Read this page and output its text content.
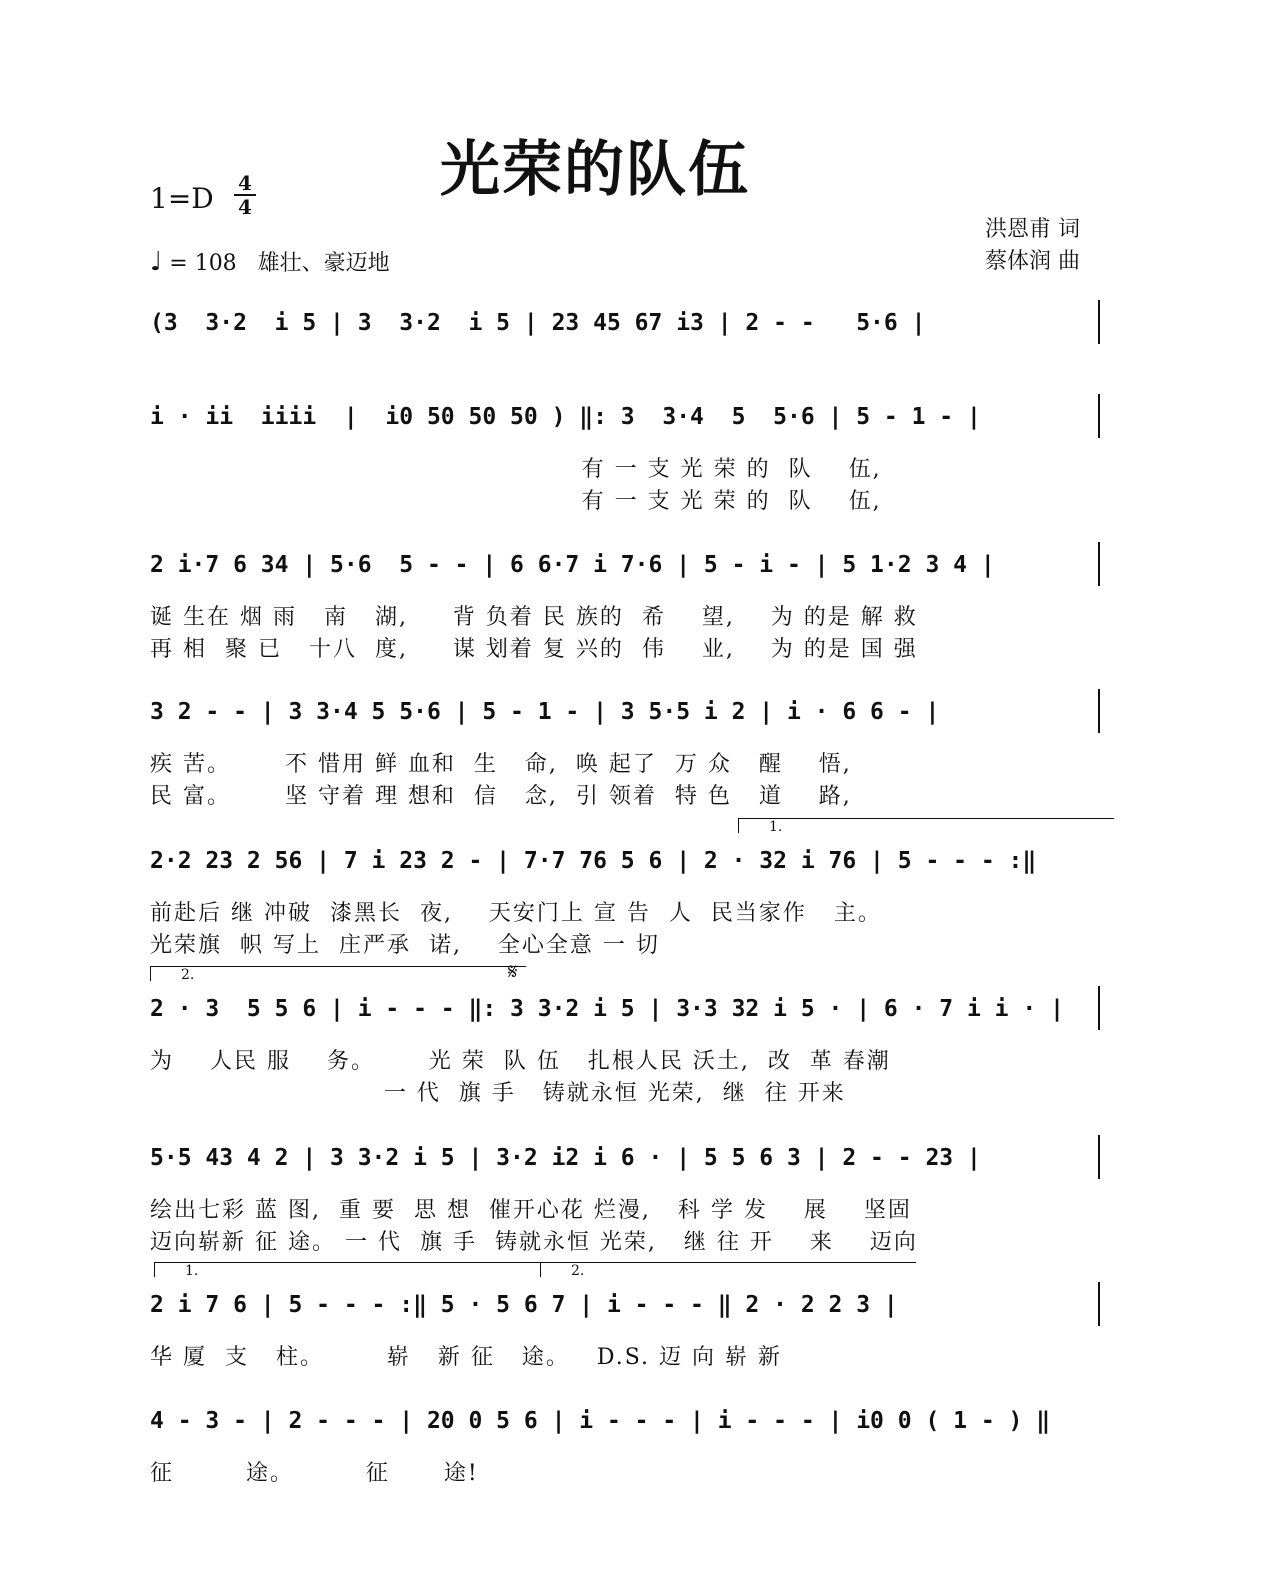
光荣的队伍
1=D	4
4
♩ = 108 雄壮、豪迈地
洪恩甫 词
蔡体润 曲
(3  3·2  i 5 | 3  3·2  i 5 | 23 45 67 i3 | 2 - -   5·6 |
i · ii  iiii  |  i0 50 50 50 ) ‖: 3  3·4  5  5·6 | 5 - 1 - |
有 一 支 光 荣 的  队    伍,
有 一 支 光 荣 的  队    伍,
2 i·7 6 34 | 5·6  5 - - | 6 6·7 i 7·6 | 5 - i - | 5 1·2 3 4 |
诞 生在 烟 雨   南   湖,     背 负着 民 族的  希    望,    为 的是 解 救
再 相  聚 已   十八  度,     谋 划着 复 兴的  伟    业,    为 的是 国 强
3 2 - - | 3 3·4 5 5·6 | 5 - 1 - | 3 5·5 i 2 | i · 6 6 - |
疾 苦。      不 惜用 鲜 血和  生   命,  唤 起了  万 众   醒    悟,
民 富。      坚 守着 理 想和  信   念,  引 领着  特 色   道    路,
1.
2·2 23 2 56 | 7 i 23 2 - | 7·7 76 5 6 | 2 · 32 i 76 | 5 - - - :‖
前赴后 继 冲破  漆黑长  夜,    天安门上 宣 告  人  民当家作   主。
光荣旗  帜 写上  庄严承  诺,    全心全意 一 切
2.	𝄋
2 · 3  5 5 6 | i - - - ‖: 3 3·2 i 5 | 3·3 32 i 5 · | 6 · 7 i i · |
为    人民 服    务。      光 荣  队 伍   扎根人民 沃土,  改  革 春潮
一 代  旗 手   铸就永恒 光荣,  继  往 开来
5·5 43 4 2 | 3 3·2 i 5 | 3·2 i2 i 6 · | 5 5 6 3 | 2 - - 23 |
绘出七彩 蓝 图,  重 要  思 想  催开心花 烂漫,   科 学 发    展    坚固
迈向崭新 征 途。 一 代  旗 手  铸就永恒 光荣,   继 往 开    来    迈向
1.	2.
2 i 7 6 | 5 - - - :‖ 5 · 5 6 7 | i - - - ‖ 2 · 2 2 3 |
华 厦  支   柱。       崭   新 征   途。   D.S. 迈 向 崭 新
4 - 3 - | 2 - - - | 20 0 5 6 | i - - - | i - - - | i0 0 ( 1 - ) ‖
征        途。        征      途!
